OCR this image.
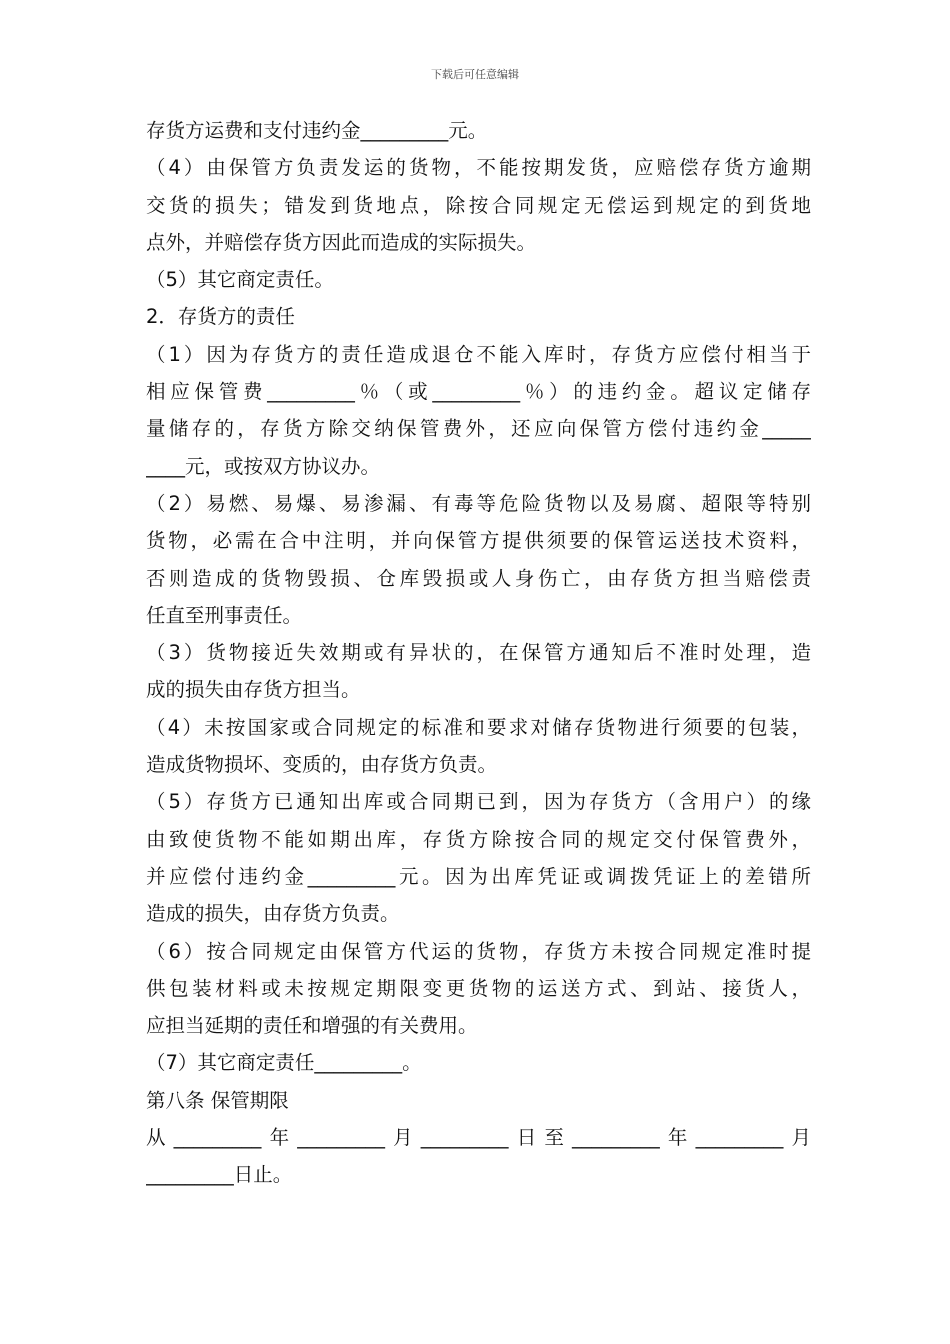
下载后可任意编辑
存货方运费和支付违约金_________元。
（4）由保管方负责发运的货物，不能按期发货，应赔偿存货方逾期
交货的损失；错发到货地点，除按合同规定无偿运到规定的到货地
点外，并赔偿存货方因此而造成的实际损失。
（5）其它商定责任。
2．存货方的责任
（1）因为存货方的责任造成退仓不能入库时，存货方应偿付相当于
相应保管费_________％（或_________％）的违约金。超议定储存
量储存的，存货方除交纳保管费外，还应向保管方偿付违约金_____
____元，或按双方协议办。
（2）易燃、易爆、易渗漏、有毒等危险货物以及易腐、超限等特别
货物，必需在合中注明，并向保管方提供须要的保管运送技术资料，
否则造成的货物毁损、仓库毁损或人身伤亡，由存货方担当赔偿责
任直至刑事责任。
（3）货物接近失效期或有异状的，在保管方通知后不准时处理，造
成的损失由存货方担当。
（4）未按国家或合同规定的标准和要求对储存货物进行须要的包装，
造成货物损坏、变质的，由存货方负责。
（5）存货方已通知出库或合同期已到，因为存货方（含用户）的缘
由致使货物不能如期出库，存货方除按合同的规定交付保管费外，
并应偿付违约金_________元。因为出库凭证或调拨凭证上的差错所
造成的损失，由存货方负责。
（6）按合同规定由保管方代运的货物，存货方未按合同规定准时提
供包装材料或未按规定期限变更货物的运送方式、到站、接货人，
应担当延期的责任和增强的有关费用。
（7）其它商定责任_________。
第八条 保管期限
从_________年_________月_________日至_________年_________月
_________日止。
